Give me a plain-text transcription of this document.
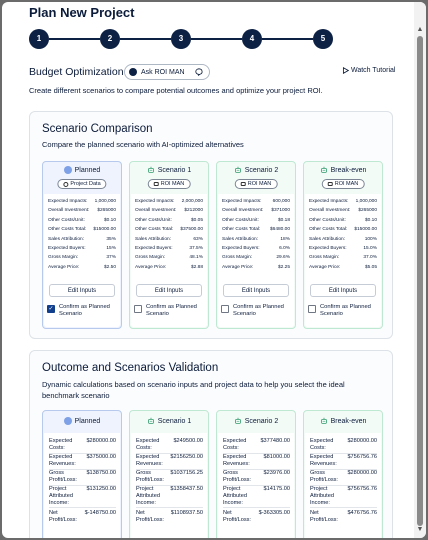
Plan New Project
1	2	3	4	5
Budget Optimization Ask ROI MAN	Watch Tutorial
Create different scenarios to compare potential outcomes and optimize your project ROI.
Scenario Comparison
Compare the planned scenario with AI-optimized alternatives
Planned
Project Data
Expected Impacts: 1,000,000
Overall Investment: $265000
Other Costs/Unit:	$0.10
Other Costs Total: $15000.00
Sales Attribution:	35%
Expected Buyers:	15%
Gross Margin:	37%
Average Price:	$2.50
Edit Inputs
✓ Confirm as Planned Scenario
Scenario 1
ROI MAN
Expected Impacts: 2,000,000
Overall Investment: $212000
Other Costs/Unit:	$0.05
Other Costs Total: $37500.00
Sales Attribution:	63%
Expected Buyers:	37.5%
Gross Margin:	48.1%
Average Price:	$2.88
Edit Inputs
Confirm as Planned Scenario
Scenario 2
ROI MAN
Expected Impacts: 600,000
Overall Investment: $371000
Other Costs/Unit:	$0.18
Other Costs Total: $6480.00
Sales Attribution:	18%
Expected Buyers:	6.0%
Gross Margin:	29.6%
Average Price:	$2.25
Edit Inputs
Confirm as Planned Scenario
Break-even
ROI MAN
Expected Impacts: 1,000,000
Overall Investment: $265000
Other Costs/Unit:	$0.10
Other Costs Total: $15000.00
Sales Attribution:	100%
Expected Buyers:	15.0%
Gross Margin:	37.0%
Average Price:	$5.05
Edit Inputs
Confirm as Planned Scenario
Outcome and Scenarios Validation
Dynamic calculations based on scenario inputs and project data to help you select the ideal benchmark scenario
Planned
Expected Costs:
$280000.00
Expected Revenues:
$375000.00
Gross Profit/Loss:
$138750.00
Project Attributed Income:
$131250.00
Net Profit/Loss:
$-148750.00
Scenario 1
Expected Costs:
$249500.00
Expected Revenues:
$2156250.00
Gross Profit/Loss:
$1037156.25
Project Attributed Income:
$1358437.50
Net Profit/Loss:
$1108937.50
Scenario 2
Expected Costs:
$377480.00
Expected Revenues:
$81000.00
Gross Profit/Loss:
$23976.00
Project Attributed Income:
$14175.00
Net Profit/Loss:
$-363305.00
Break-even
Expected Costs:
$280000.00
Expected Revenues:
$756756.76
Gross Profit/Loss:
$280000.00
Project Attributed Income:
$756756.76
Net Profit/Loss:
$476756.76
▲
▼
